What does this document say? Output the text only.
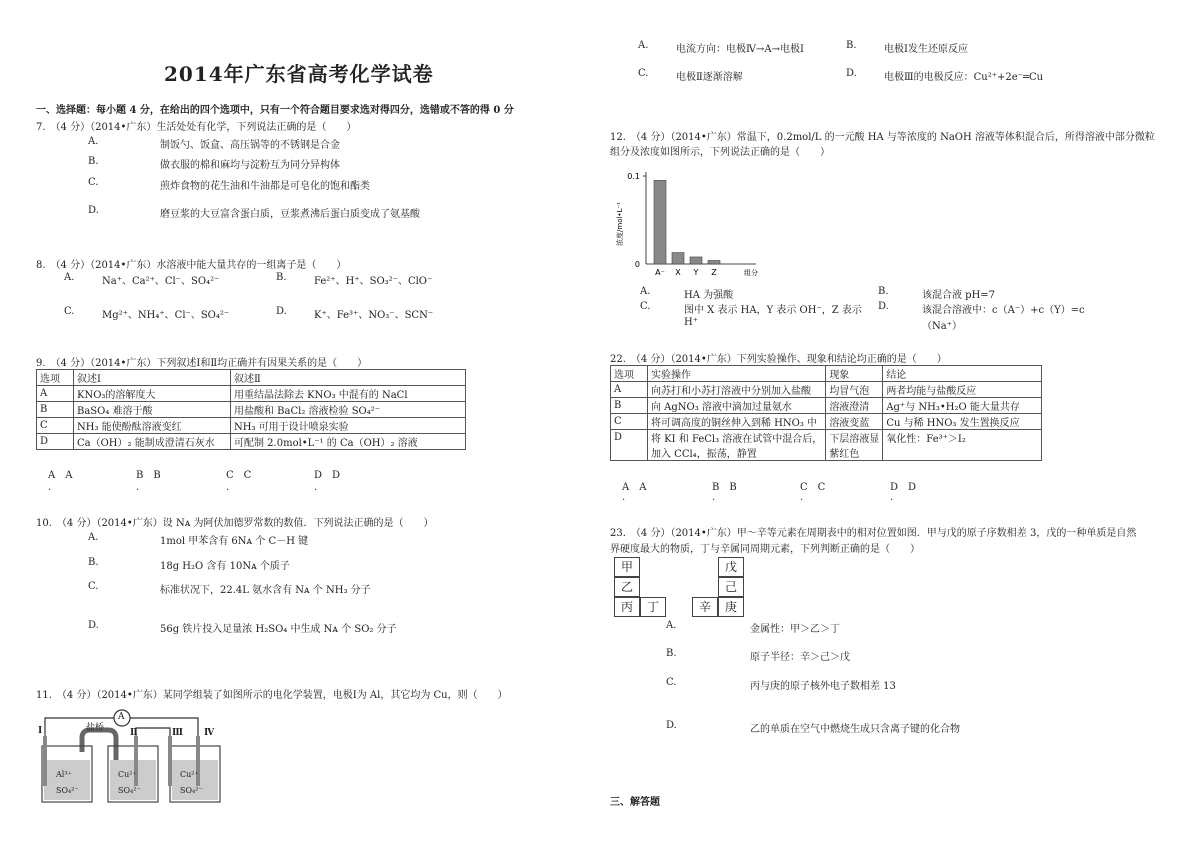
2014年广东省高考化学试卷
一、选择题：每小题 4 分，在给出的四个选项中，只有一个符合题目要求选对得四分，选错或不答的得 0 分
7.　（4 分）（2014•广东）生活处处有化学，下列说法正确的是（　　）
A.	制饭勺、饭盒、高压锅等的不锈钢是合金
B.	做衣服的棉和麻均与淀粉互为同分异构体
C.	煎炸食物的花生油和牛油都是可皂化的饱和酯类
D.	磨豆浆的大豆富含蛋白质，豆浆煮沸后蛋白质变成了氨基酸
8.　（4 分）（2014•广东）水溶液中能大量共存的一组离子是（　　）
A.	Na⁺、Ca²⁺、Cl⁻、SO₄²⁻	B.	Fe²⁺、H⁺、SO₃²⁻、ClO⁻
C.	Mg²⁺、NH₄⁺、Cl⁻、SO₄²⁻	D.	K⁺、Fe³⁺、NO₃⁻、SCN⁻
9.　（4 分）（2014•广东）下列叙述Ⅰ和Ⅱ均正确并有因果关系的是（　　）
选项	叙述Ⅰ	叙述Ⅱ
A	KNO₃的溶解度大	用重结晶法除去 KNO₃ 中混有的 NaCl
B	BaSO₄ 难溶于酸	用盐酸和 BaCl₂ 溶液检验 SO₄²⁻
C	NH₃ 能使酚酞溶液变红	NH₃ 可用于设计喷泉实验
D	Ca（OH）₂ 能制成澄清石灰水	可配制 2.0mol•L⁻¹ 的 Ca（OH）₂ 溶液
A　A	B　B	C　C	D　D
.	.	.	.
10.　（4 分）（2014•广东）设 Nᴀ 为阿伏加德罗常数的数值．下列说法正确的是（　　）
A.	1mol 甲苯含有 6Nᴀ 个 C－H 键
B.	18g H₂O 含有 10Nᴀ 个质子
C.	标准状况下，22.4L 氨水含有 Nᴀ 个 NH₃ 分子
D.	56g 铁片投入足量浓 H₂SO₄ 中生成 Nᴀ 个 SO₂ 分子
11.　（4 分）（2014•广东）某同学组装了如图所示的电化学装置，电极Ⅰ为 Al，其它均为 Cu，则（　　）
A
盐桥
Ⅰ	Ⅱ	Ⅲ Ⅳ
Al³⁺
SO₄²⁻
Cu²⁺
SO₄²⁻
Cu²⁺
SO₄²⁻
A.	电流方向：电极Ⅳ→A→电极Ⅰ	B.	电极Ⅰ发生还原反应
C.	电极Ⅱ逐渐溶解	D.	电极Ⅲ的电极反应：Cu²⁺+2e⁻═Cu
12.　（4 分）（2014•广东）常温下，0.2mol/L 的一元酸 HA 与等浓度的 NaOH 溶液等体积混合后，所得溶液中部分微粒
组分及浓度如图所示，下列说法正确的是（　　）
0
0.1
浓度/mol•L⁻¹
A⁻ X Y Z	组分
A.	HA 为强酸	B.	该混合液 pH=7
C.	图中 X 表示 HA，Y 表示 OH⁻，Z 表示
H⁺
D.	该混合溶液中：c（A⁻）+c（Y）=c
（Na⁺）
22.　（4 分）（2014•广东）下列实验操作、现象和结论均正确的是（　　）
选项	实验操作	现象	结论
A	向苏打和小苏打溶液中分别加入盐酸	均冒气泡	两者均能与盐酸反应
B	向 AgNO₃ 溶液中滴加过量氨水	溶液澄清	Ag⁺与 NH₃•H₂O 能大量共存
C	将可调高度的铜丝伸入到稀 HNO₃ 中	溶液变蓝	Cu 与稀 HNO₃ 发生置换反应
D	将 KI 和 FeCl₃ 溶液在试管中混合后，	下层溶液显	氧化性：Fe³⁺＞I₂
	加入 CCl₄，振荡，静置	紫红色	
A　A	B　B	C　C	D　D
.	.	.	.
23.　（4 分）（2014•广东）甲～辛等元素在周期表中的相对位置如图．甲与戊的原子序数相差 3，戊的一种单质是自然
界硬度最大的物质，丁与辛属同周期元素，下列判断正确的是（　　）
甲
乙
丙	丁
戊
己
辛	庚
A.	金属性：甲＞乙＞丁
B.	原子半径：辛＞己＞戊
C.	丙与庚的原子核外电子数相差 13
D.	乙的单质在空气中燃烧生成只含离子键的化合物
三、解答题
